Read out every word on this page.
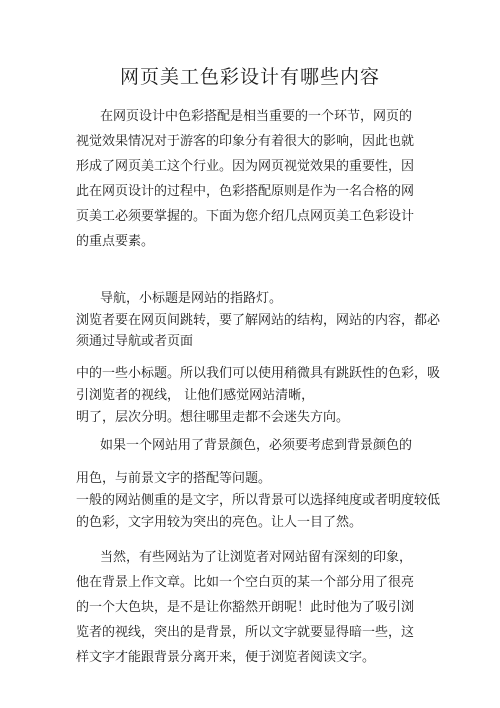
网页美工色彩设计有哪些内容
在网页设计中色彩搭配是相当重要的一个环节，网页的
视觉效果情况对于游客的印象分有着很大的影响，因此也就
形成了网页美工这个行业。因为网页视觉效果的重要性，因
此在网页设计的过程中，色彩搭配原则是作为一名合格的网
页美工必须要掌握的。下面为您介绍几点网页美工色彩设计
的重点要素。
导航，小标题是网站的指路灯。
浏览者要在网页间跳转，要了解网站的结构，网站的内容，都必
须通过导航或者页面
中的一些小标题。所以我们可以使用稍微具有跳跃性的色彩，吸
引浏览者的视线， 让他们感觉网站清晰，
明了，层次分明。想往哪里走都不会迷失方向。
如果一个网站用了背景颜色，必须要考虑到背景颜色的
用色，与前景文字的搭配等问题。
一般的网站侧重的是文字，所以背景可以选择纯度或者明度较低
的色彩，文字用较为突出的亮色。让人一目了然。
当然，有些网站为了让浏览者对网站留有深刻的印象，
他在背景上作文章。比如一个空白页的某一个部分用了很亮
的一个大色块，是不是让你豁然开朗呢！此时他为了吸引浏
览者的视线，突出的是背景，所以文字就要显得暗一些，这
样文字才能跟背景分离开来，便于浏览者阅读文字。
